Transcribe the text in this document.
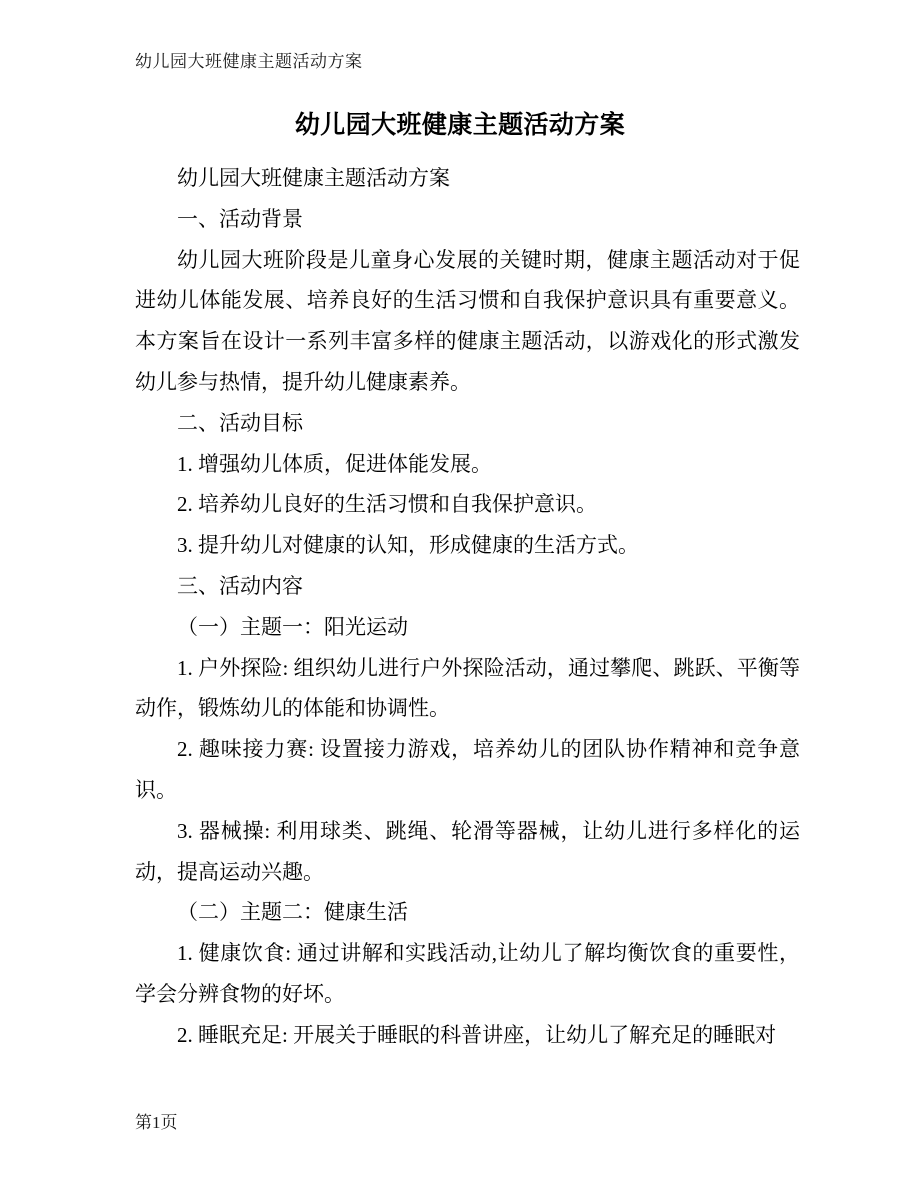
幼儿园大班健康主题活动方案
幼儿园大班健康主题活动方案

幼儿园大班健康主题活动方案

一、活动背景

幼儿园大班阶段是儿童身心发展的关键时期，健康主题活动对于促进幼儿体能发展、培养良好的生活习惯和自我保护意识具有重要意义。本方案旨在设计一系列丰富多样的健康主题活动，以游戏化的形式激发幼儿参与热情，提升幼儿健康素养。

二、活动目标

1. 增强幼儿体质，促进体能发展。

2. 培养幼儿良好的生活习惯和自我保护意识。

3. 提升幼儿对健康的认知，形成健康的生活方式。

三、活动内容

（一）主题一：阳光运动

1. 户外探险: 组织幼儿进行户外探险活动，通过攀爬、跳跃、平衡等动作，锻炼幼儿的体能和协调性。

2. 趣味接力赛: 设置接力游戏，培养幼儿的团队协作精神和竞争意识。

3. 器械操: 利用球类、跳绳、轮滑等器械，让幼儿进行多样化的运动，提高运动兴趣。

（二）主题二：健康生活

1. 健康饮食: 通过讲解和实践活动,让幼儿了解均衡饮食的重要性，学会分辨食物的好坏。

2. 睡眠充足: 开展关于睡眠的科普讲座，让幼儿了解充足的睡眠对

第1页
